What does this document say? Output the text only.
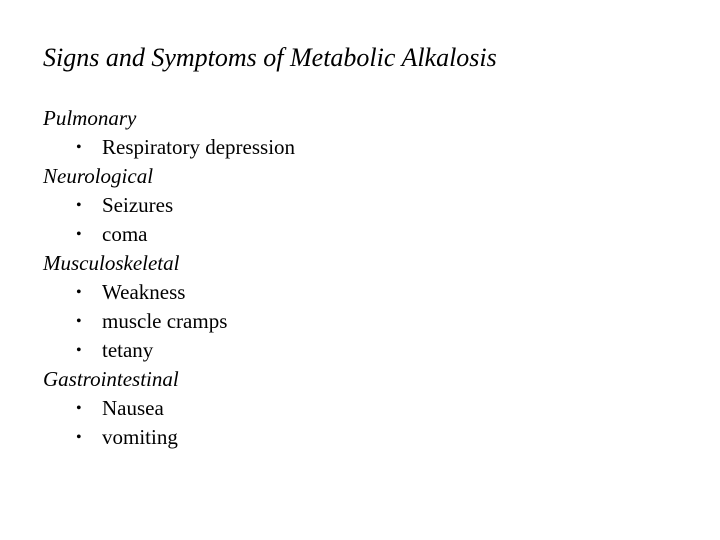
Signs and Symptoms of Metabolic Alkalosis
Pulmonary
• Respiratory depression
Neurological
• Seizures
• coma
Musculoskeletal
• Weakness
• muscle cramps
• tetany
Gastrointestinal
• Nausea
• vomiting
